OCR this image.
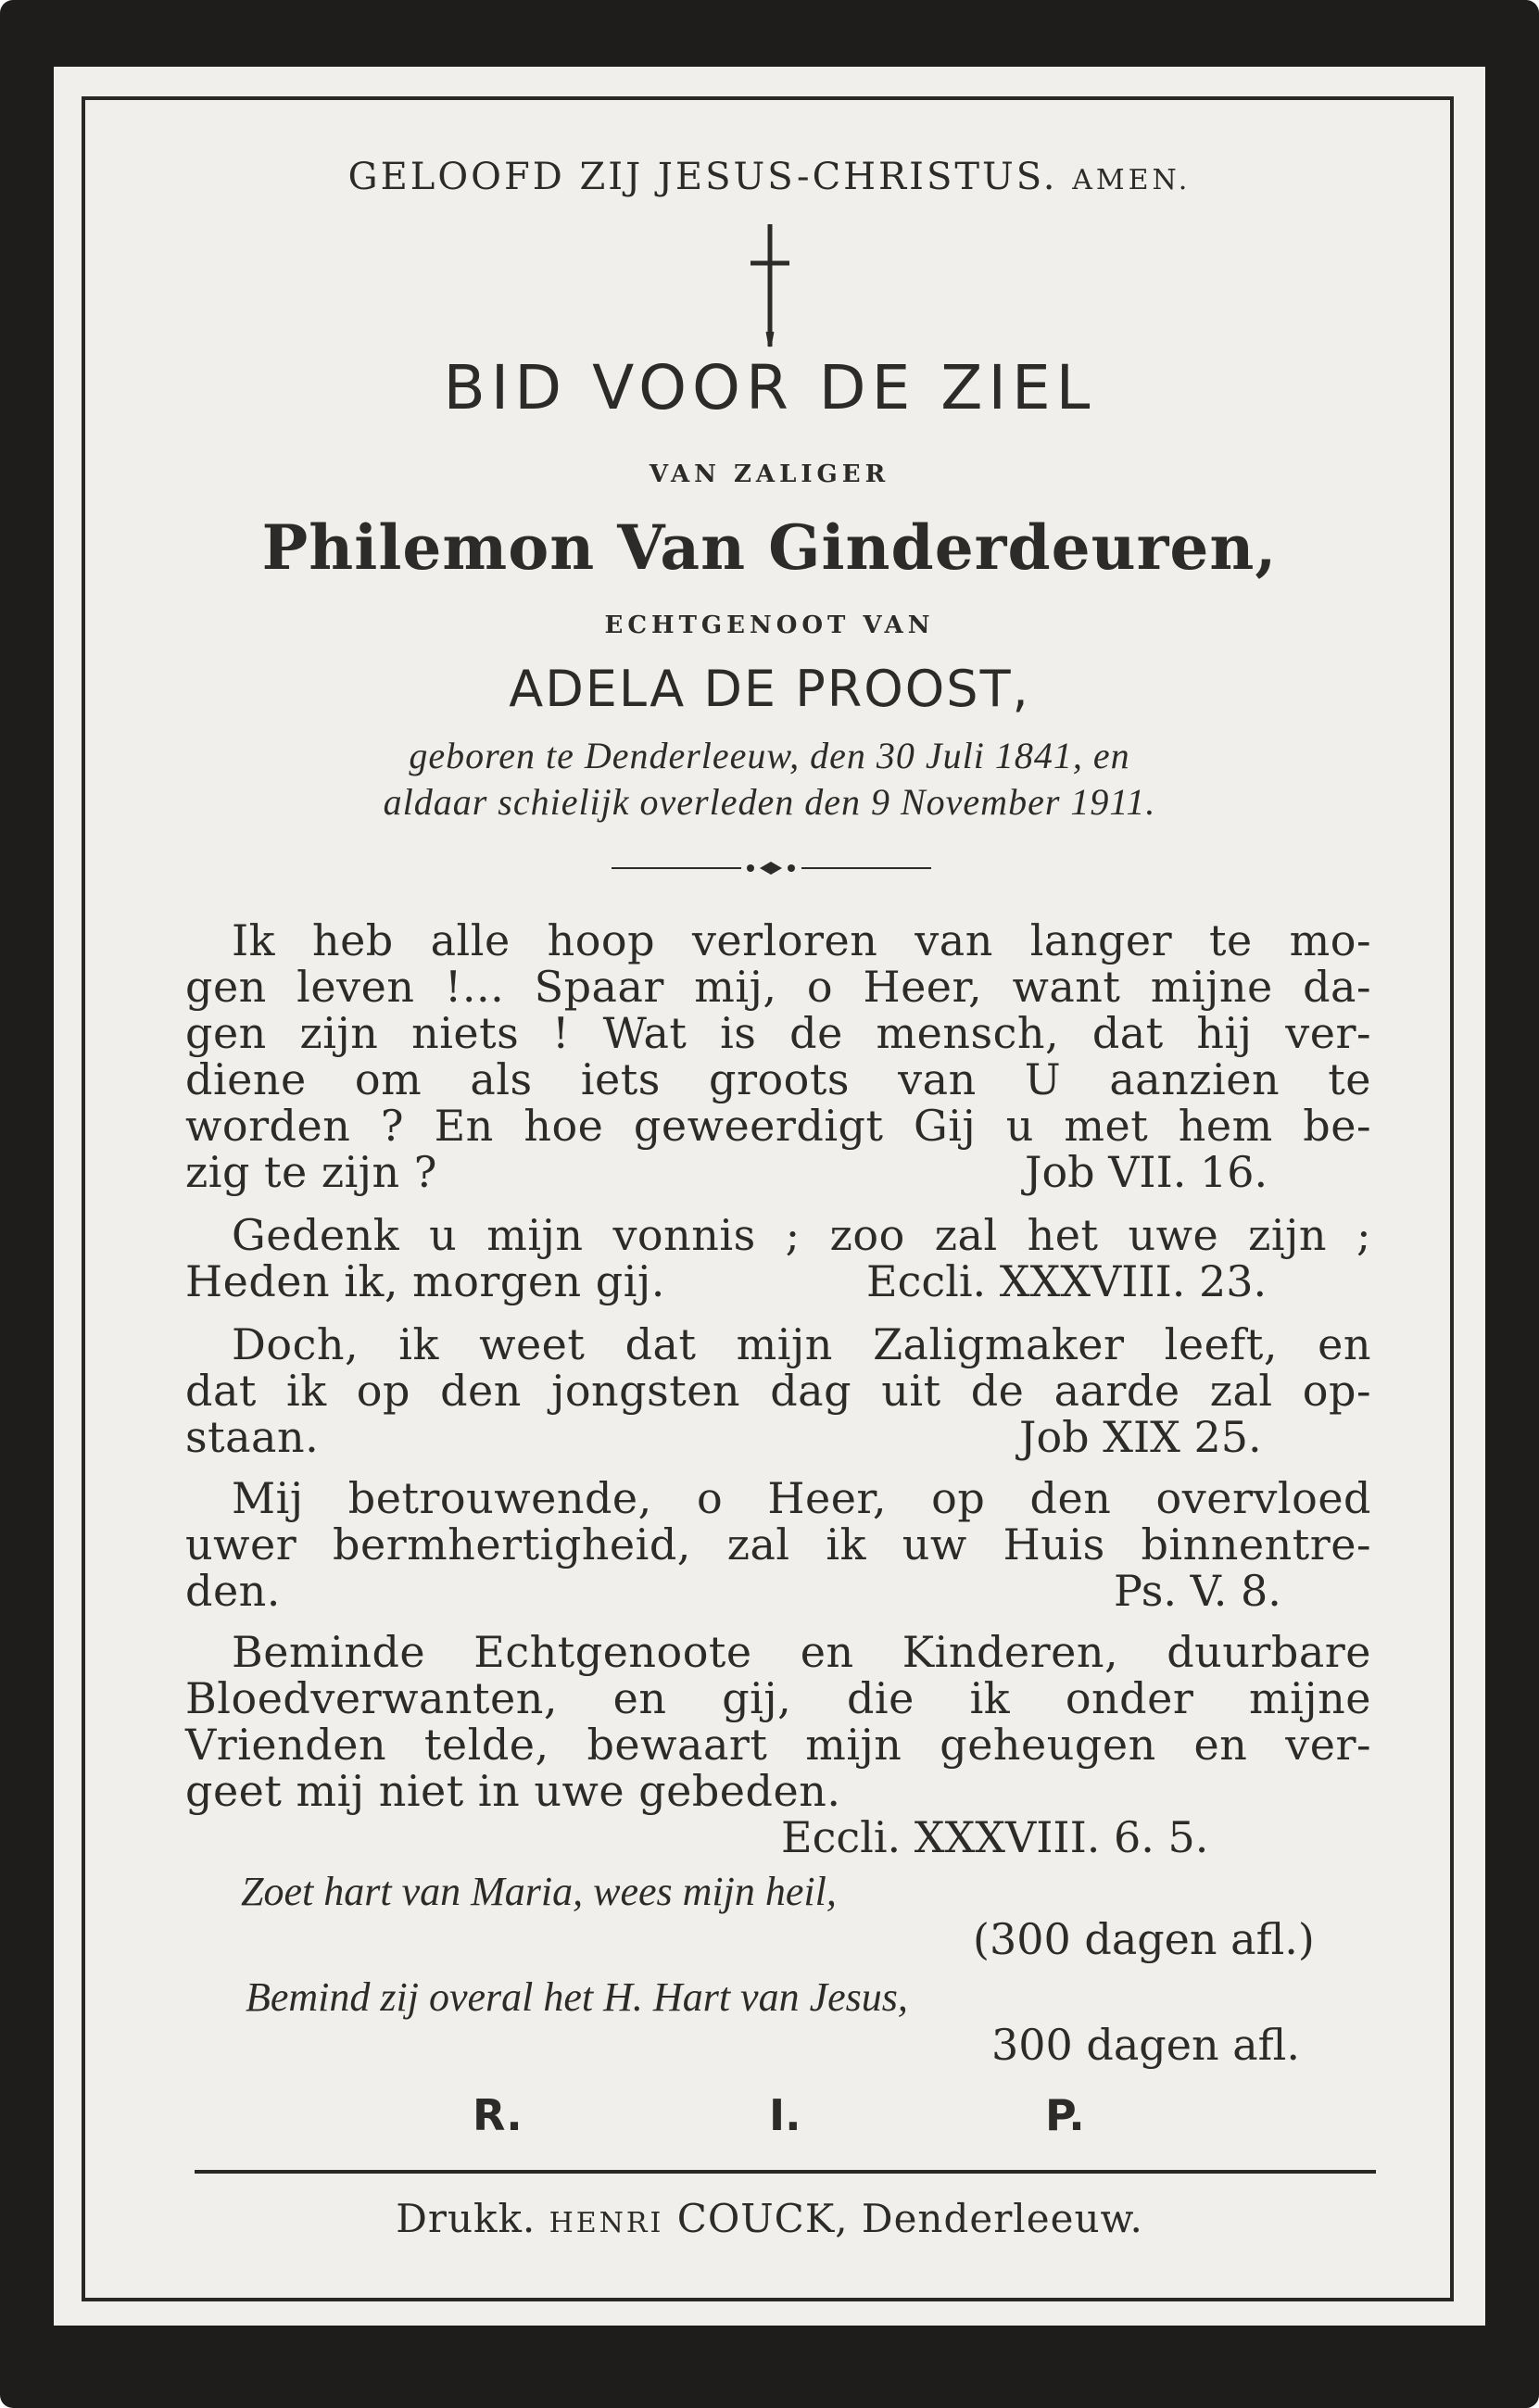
GELOOFD ZIJ JESUS-CHRISTUS. AMEN.

BID VOOR DE ZIEL

VAN ZALIGER

Philemon Van Ginderdeuren,

ECHTGENOOT VAN

ADELA DE PROOST,

geboren te Denderleeuw, den 30 Juli 1841, en

aldaar schielijk overleden den 9 November 1911.

Ik heb alle hoop verloren van langer te mo-

gen leven !... Spaar mij, o Heer, want mijne da-

gen zijn niets ! Wat is de mensch, dat hij ver-

diene om als iets groots van U aanzien te

worden ? En hoe geweerdigt Gij u met hem be-

zig te zijn ?	Job VII. 16.

Gedenk u mijn vonnis ; zoo zal het uwe zijn ;

Heden ik, morgen gij.	Eccli. XXXVIII. 23.

Doch, ik weet dat mijn Zaligmaker leeft, en

dat ik op den jongsten dag uit de aarde zal op-

staan.	Job XIX 25.

Mij betrouwende, o Heer, op den overvloed

uwer bermhertigheid, zal ik uw Huis binnentre-

den.	Ps. V. 8.

Beminde Echtgenoote en Kinderen, duurbare

Bloedverwanten, en gij, die ik onder mijne

Vrienden telde, bewaart mijn geheugen en ver-

geet mij niet in uwe gebeden.

Eccli. XXXVIII. 6. 5.

Zoet hart van Maria, wees mijn heil,

(300 dagen afl.)

Bemind zij overal het H. Hart van Jesus,

300 dagen afl.

R.	I.	P.

Drukk. HENRI COUCK, Denderleeuw.
